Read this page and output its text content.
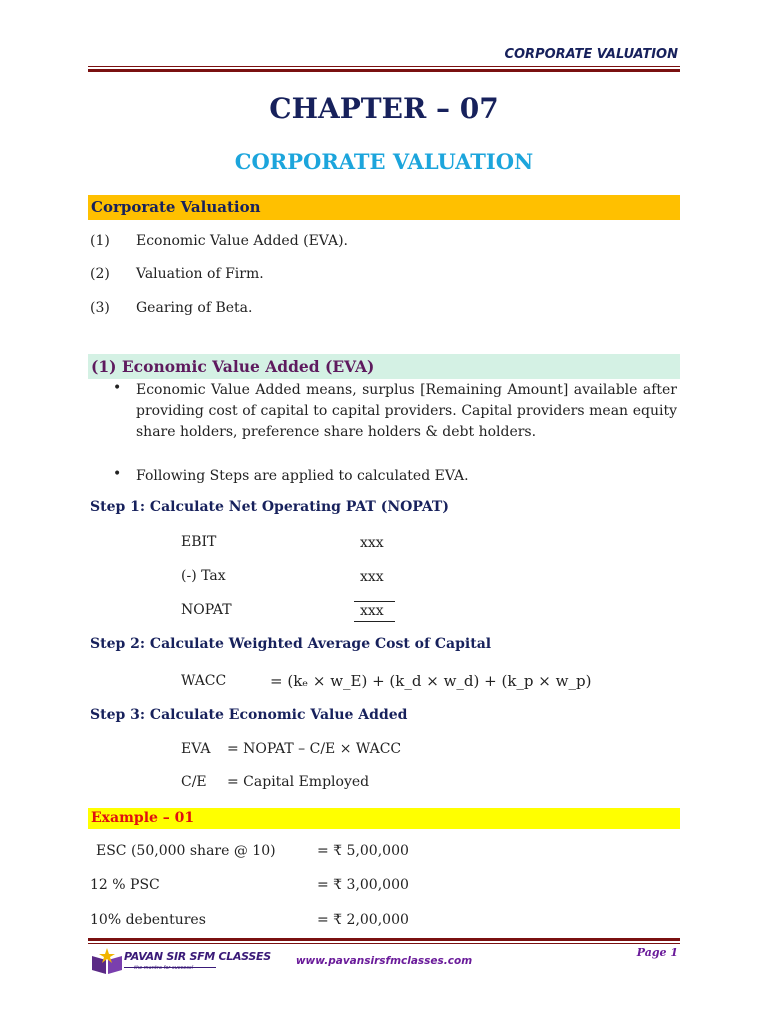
CORPORATE VALUATION
CHAPTER – 07
CORPORATE VALUATION
Corporate Valuation
(1) Economic Value Added (EVA).
(2) Valuation of Firm.
(3) Gearing of Beta.
(1) Economic Value Added (EVA)
• Economic Value Added means, surplus [Remaining Amount] available after providing cost of capital to capital providers. Capital providers mean equity share holders, preference share holders & debt holders.
• Following Steps are applied to calculated EVA.
Step 1: Calculate Net Operating PAT (NOPAT)
EBIT	xxx
(-) Tax	xxx
NOPAT	xxx
Step 2: Calculate Weighted Average Cost of Capital
WACC	= (kₑ × w_E) + (k_d × w_d) + (k_p × w_p)
Step 3: Calculate Economic Value Added
EVA = NOPAT – C/E × WACC
C/E = Capital Employed
Example – 01
ESC (50,000 share @ 10)	= ₹ 5,00,000
12 % PSC	= ₹ 3,00,000
10% debentures	= ₹ 2,00,000
PAVAN SIR SFM CLASSES
the mantra for success!
www.pavansirsfmclasses.com
Page 1
